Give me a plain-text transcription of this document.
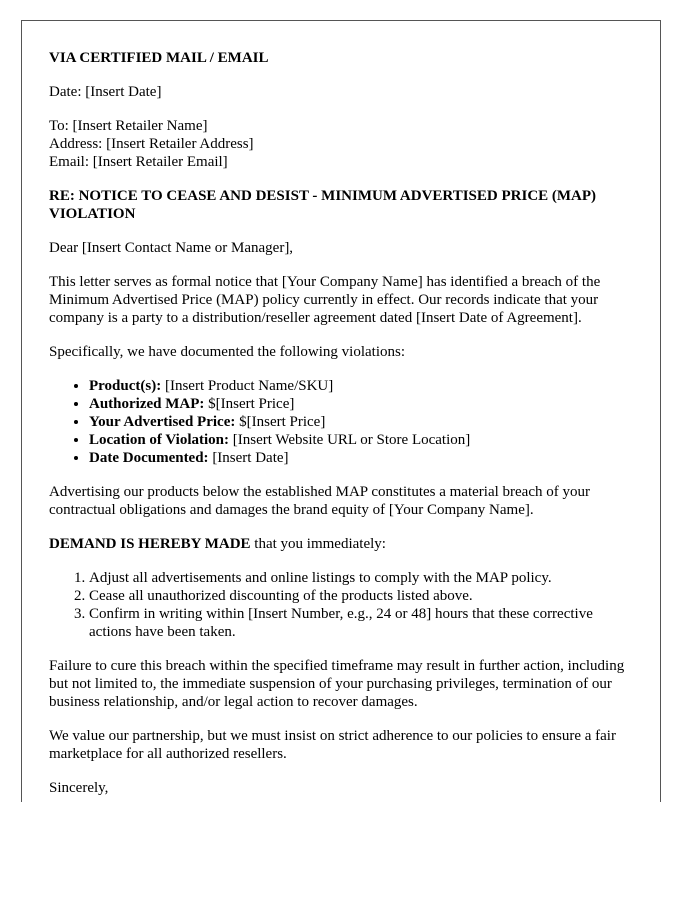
VIA CERTIFIED MAIL / EMAIL

Date: [Insert Date]

To: [Insert Retailer Name]
Address: [Insert Retailer Address]
Email: [Insert Retailer Email]

RE: NOTICE TO CEASE AND DESIST - MINIMUM ADVERTISED PRICE (MAP) VIOLATION

Dear [Insert Contact Name or Manager],

This letter serves as formal notice that [Your Company Name] has identified a breach of the Minimum Advertised Price (MAP) policy currently in effect. Our records indicate that your company is a party to a distribution/reseller agreement dated [Insert Date of Agreement].

Specifically, we have documented the following violations:

• Product(s): [Insert Product Name/SKU]
• Authorized MAP: $[Insert Price]
• Your Advertised Price: $[Insert Price]
• Location of Violation: [Insert Website URL or Store Location]
• Date Documented: [Insert Date]

Advertising our products below the established MAP constitutes a material breach of your contractual obligations and damages the brand equity of [Your Company Name].

DEMAND IS HEREBY MADE that you immediately:

1. Adjust all advertisements and online listings to comply with the MAP policy.
2. Cease all unauthorized discounting of the products listed above.
3. Confirm in writing within [Insert Number, e.g., 24 or 48] hours that these corrective actions have been taken.

Failure to cure this breach within the specified timeframe may result in further action, including but not limited to, the immediate suspension of your purchasing privileges, termination of our business relationship, and/or legal action to recover damages.

We value our partnership, but we must insist on strict adherence to our policies to ensure a fair marketplace for all authorized resellers.

Sincerely,
